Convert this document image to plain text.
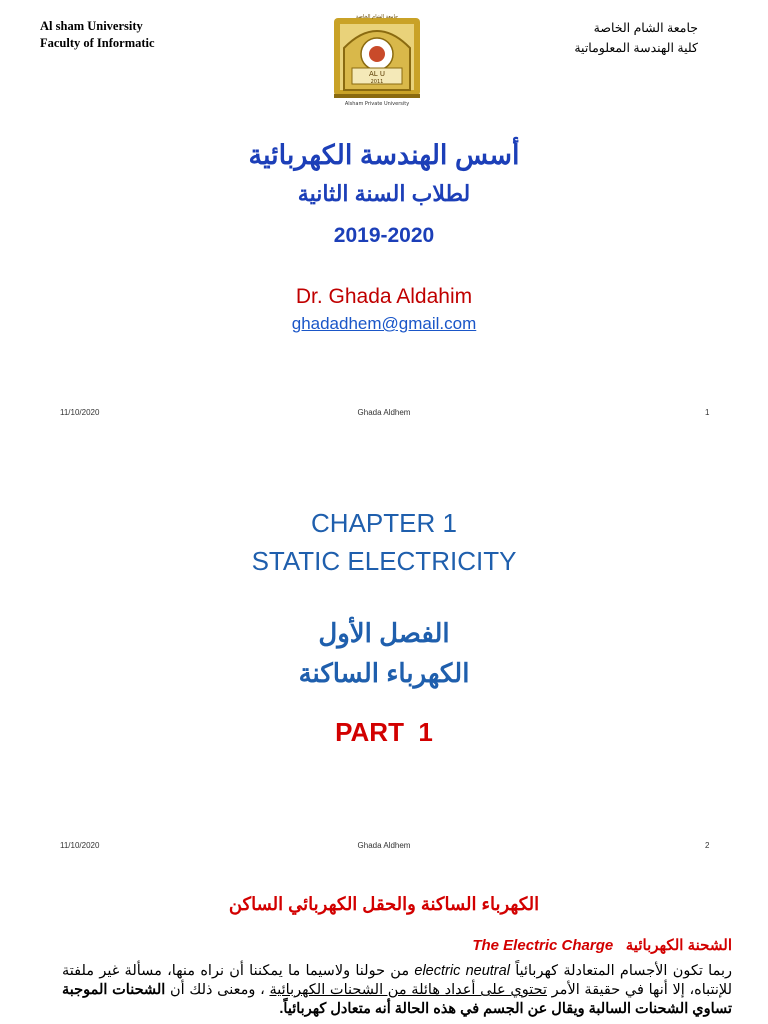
Al sham University
Faculty of Informatic
جامعة الشام الخاصة
كلية الهندسة المعلوماتية
جامعة الشام الخاصة
AL U
2011
Alsham Private University
أسس الهندسة الكهربائية
لطلاب السنة الثانية
2019-2020
Dr. Ghada Aldahim
ghadadhem@gmail.com
11/10/2020	Ghada Aldhem	1
CHAPTER 1
STATIC ELECTRICITY
الفصل الأول
الكهرباء الساكنة
PART  1
11/10/2020	Ghada Aldhem	2
الكهرباء الساكنة والحقل الكهربائي الساكن
الشحنة الكهربائية   The Electric Charge
ربما تكون الأجسام المتعادلة كهربائياً electric neutral من حولنا ولاسيما ما يمكننا أن نراه منها، مسألة غير ملفتة للإنتباه، إلا أنها في حقيقة الأمر تحتوي على أعداد هائلة من الشحنات الكهربائية ، ومعنى ذلك أن الشحنات الموجبة تساوي الشحنات السالبة ويقال عن الجسم في هذه الحالة أنه متعادل كهربائياً.
